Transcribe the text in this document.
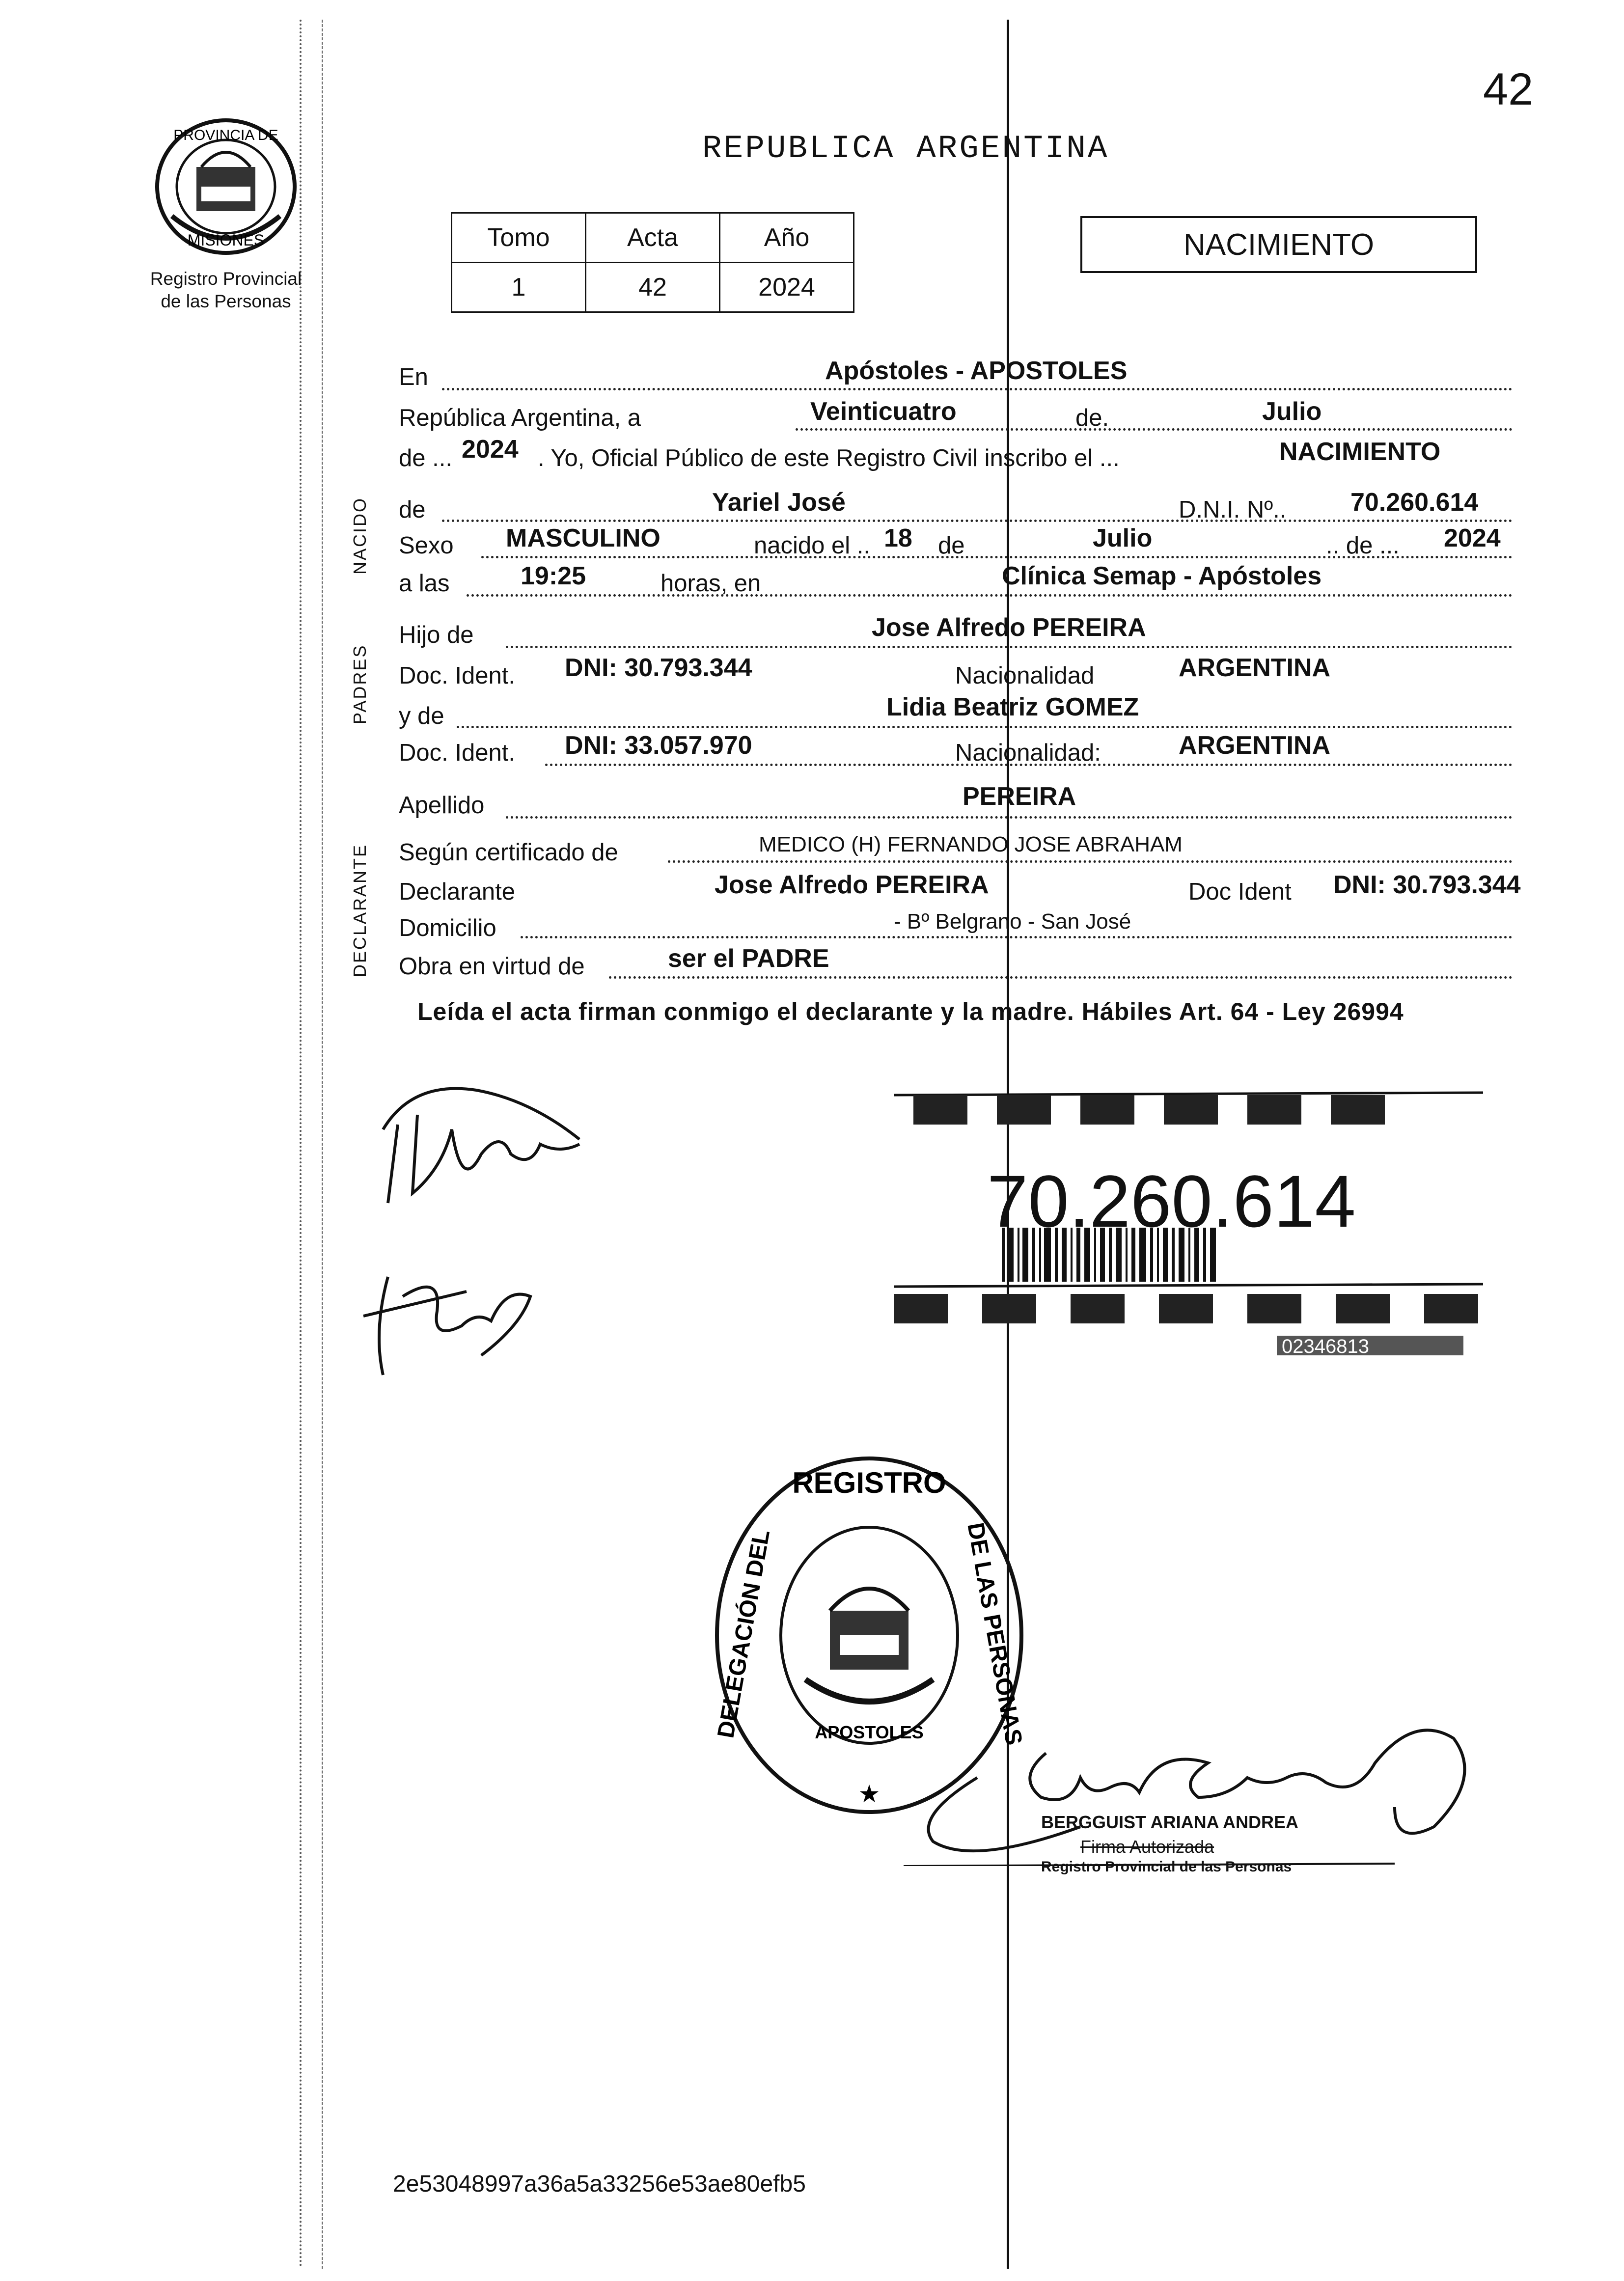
42
REPUBLICA ARGENTINA
PROVINCIA DE
MISIONES
Registro Provincial
de las Personas
Tomo	Acta	Año
1	42	2024
NACIMIENTO
NACIDO
PADRES
DECLARANTE
En	Apóstoles - APOSTOLES
República Argentina, a	Veinticuatro	de.	Julio
de ... 2024 . Yo, Oficial Público de este Registro Civil inscribo el ...	NACIMIENTO
de	Yariel José	D.N.I. Nº..	70.260.614
Sexo MASCULINO	nacido el .. 18 de	Julio	.. de ... 2024
a las	19:25	horas, en	Clínica Semap - Apóstoles
Hijo de	Jose Alfredo PEREIRA
Doc. Ident. DNI: 30.793.344	Nacionalidad	ARGENTINA
y de	Lidia Beatriz GOMEZ
Doc. Ident. DNI: 33.057.970	Nacionalidad:	ARGENTINA
Apellido	PEREIRA
Según certificado de	MEDICO (H) FERNANDO JOSE ABRAHAM
Declarante	Jose Alfredo PEREIRA	Doc Ident DNI: 30.793.344
Domicilio	- Bº Belgrano - San José
Obra en virtud de	ser el PADRE
Leída el acta firman conmigo el declarante y la madre. Hábiles Art. 64 - Ley 26994
70.260.614
02346813
REGISTRO
DELEGACIÓN DEL	DE LAS PERSONAS
APOSTOLES
★
BERGGUIST ARIANA ANDREA
Firma Autorizada
Registro Provincial de las Personas
2e53048997a36a5a33256e53ae80efb5
